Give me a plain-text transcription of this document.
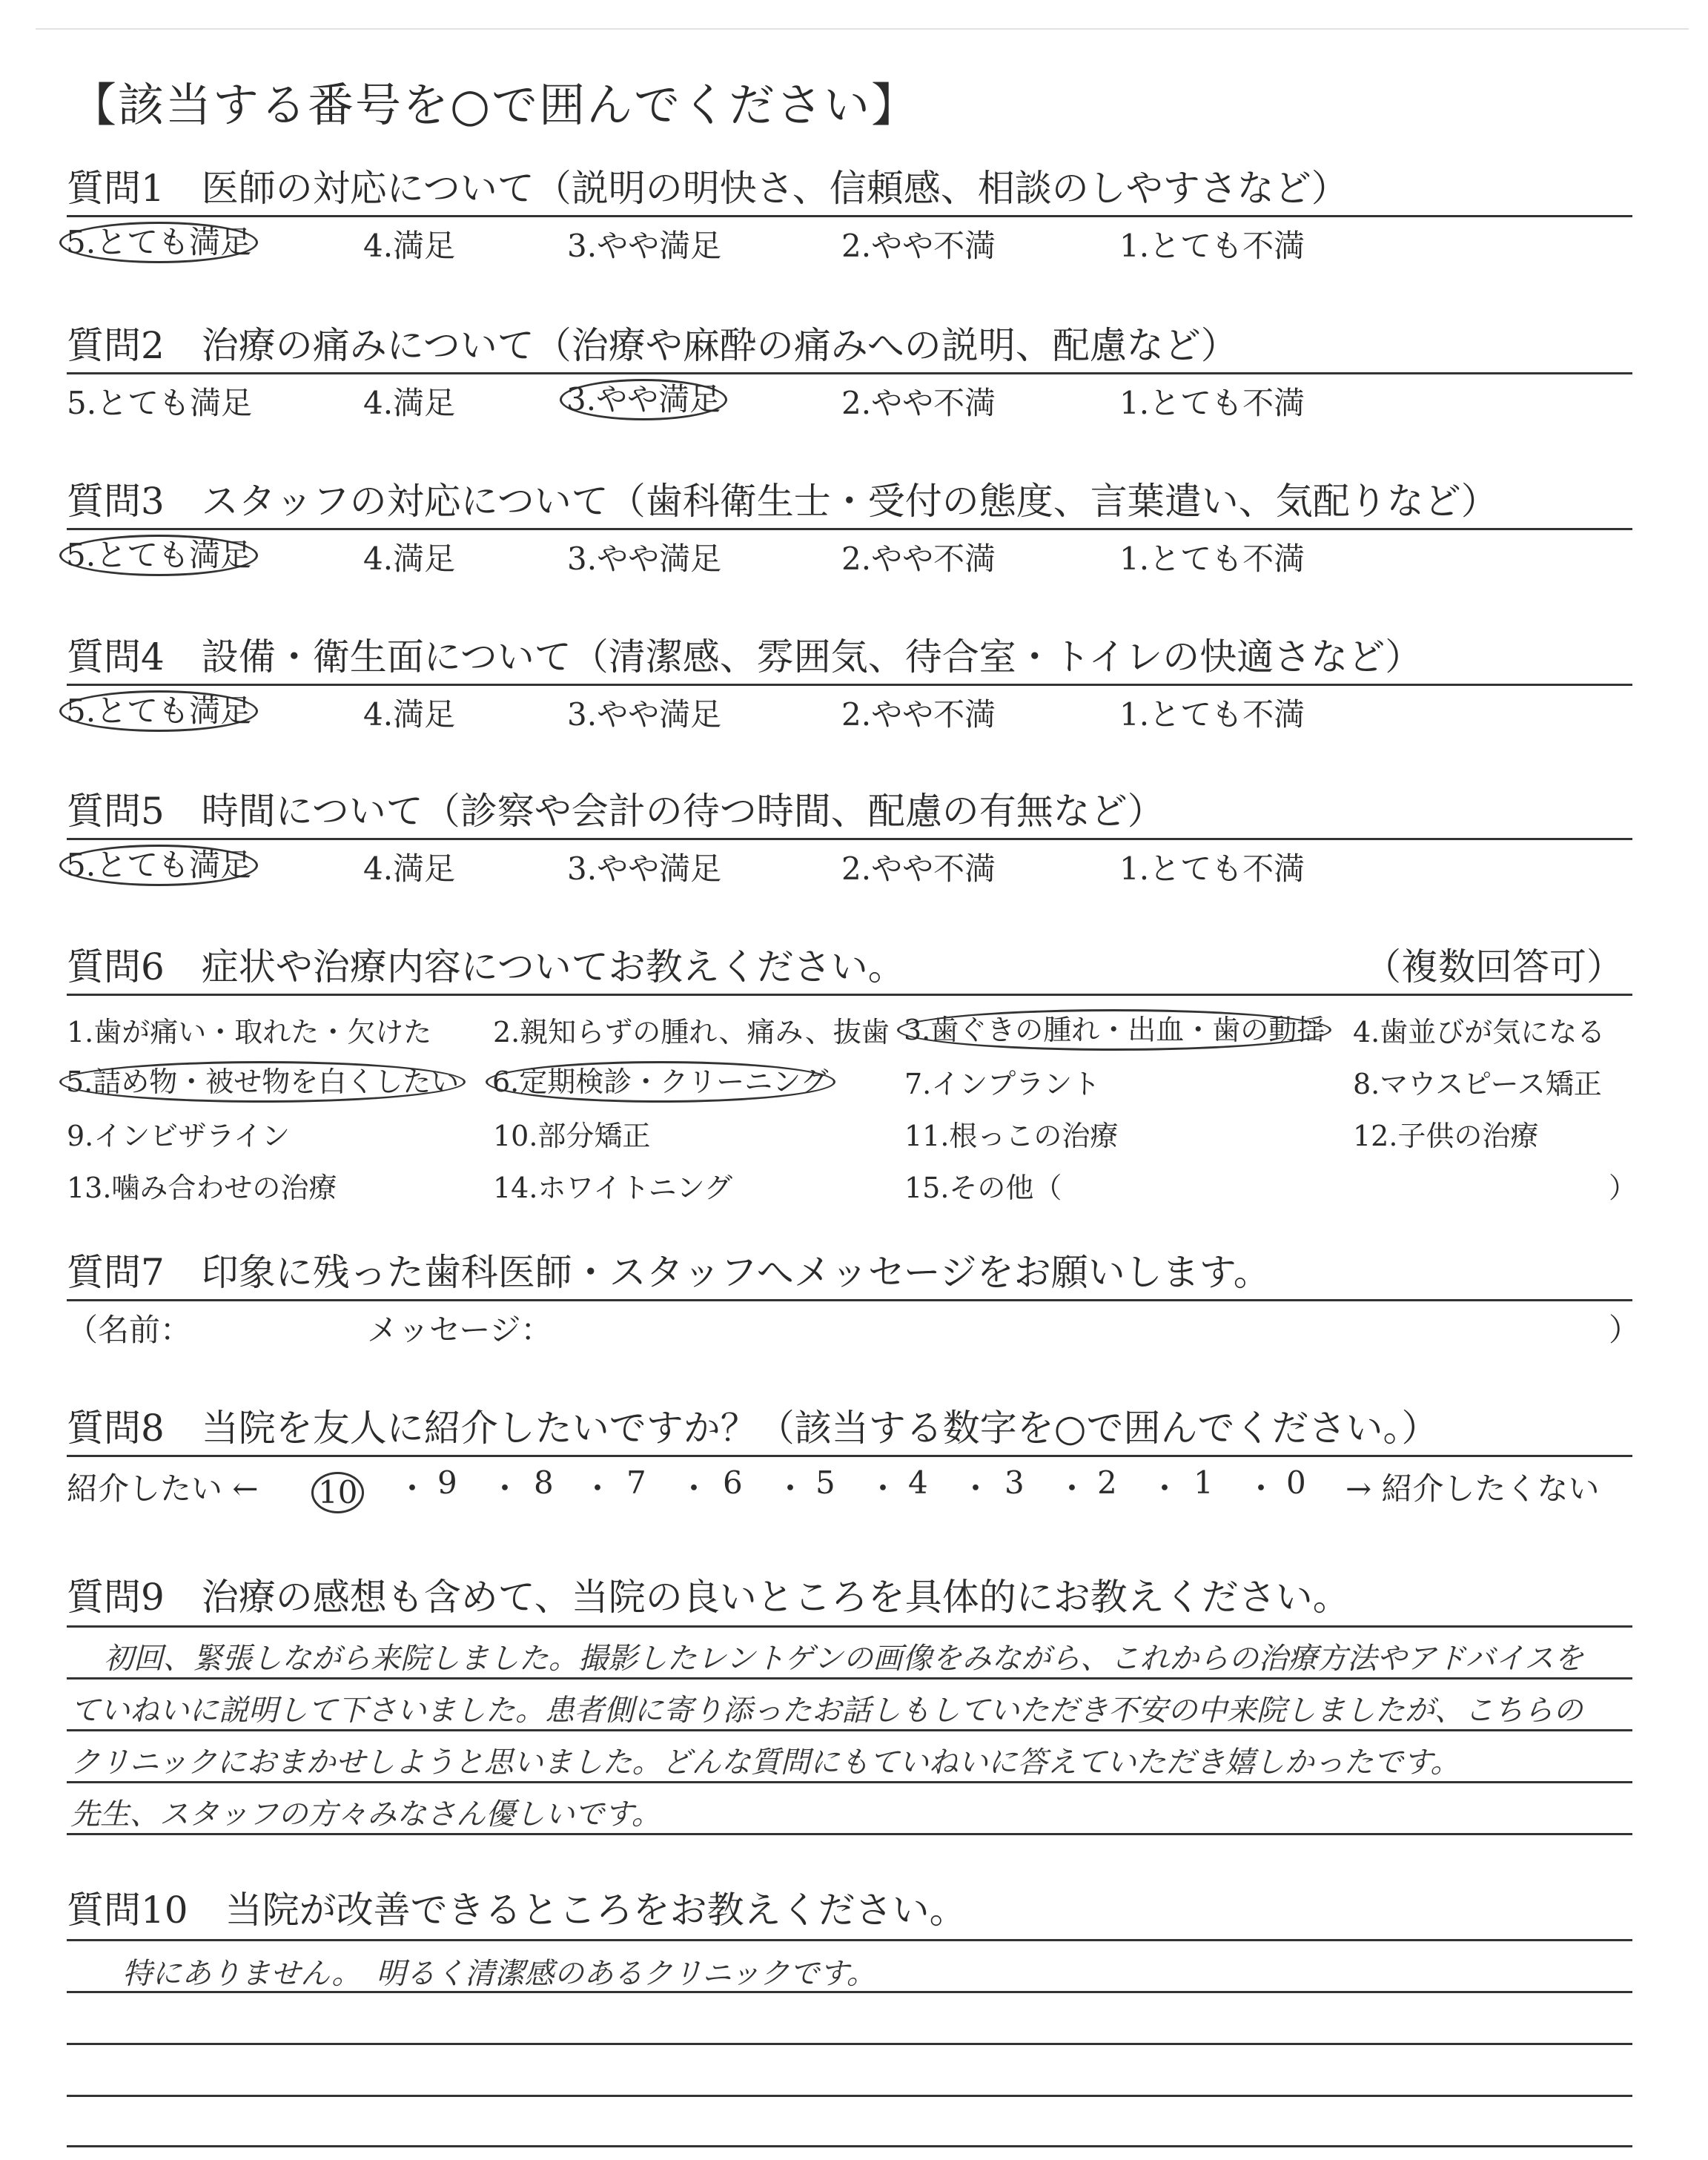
【該当する番号を○で囲んでください】
質問1　医師の対応について（説明の明快さ、信頼感、相談のしやすさなど）
5.とても満足	4.満足	3.やや満足	2.やや不満	1.とても不満
質問2　治療の痛みについて（治療や麻酔の痛みへの説明、配慮など）
5.とても満足	4.満足	3.やや満足	2.やや不満	1.とても不満
質問3　スタッフの対応について（歯科衛生士・受付の態度、言葉遣い、気配りなど）
5.とても満足	4.満足	3.やや満足	2.やや不満	1.とても不満
質問4　設備・衛生面について（清潔感、雰囲気、待合室・トイレの快適さなど）
5.とても満足	4.満足	3.やや満足	2.やや不満	1.とても不満
質問5　時間について（診察や会計の待つ時間、配慮の有無など）
5.とても満足	4.満足	3.やや満足	2.やや不満	1.とても不満
質問6　症状や治療内容についてお教えください。	（複数回答可）
1.歯が痛い・取れた・欠けた 2.親知らずの腫れ、痛み、抜歯 3.歯ぐきの腫れ・出血・歯の動揺 4.歯並びが気になる
5.詰め物・被せ物を白くしたい 6.定期検診・クリーニング	7.インプラント	8.マウスピース矯正
9.インビザライン	10.部分矯正	11.根っこの治療	12.子供の治療
13.噛み合わせの治療	14.ホワイトニング	15.その他（	）
質問7　印象に残った歯科医師・スタッフへメッセージをお願いします。
（名前：	メッセージ：	）
質問8　当院を友人に紹介したいですか？（該当する数字を○で囲んでください。）
紹介したい ← 10 ・ 9 ・ 8 ・ 7 ・ 6 ・ 5 ・ 4 ・ 3 ・ 2 ・ 1 ・ 0 → 紹介したくない
質問9　治療の感想も含めて、当院の良いところを具体的にお教えください。
初回、緊張しながら来院しました。撮影したレントゲンの画像をみながら、これからの治療方法やアドバイスを
ていねいに説明して下さいました。患者側に寄り添ったお話しもしていただき不安の中来院しましたが、こちらの
クリニックにおまかせしようと思いました。どんな質問にもていねいに答えていただき嬉しかったです。
先生、スタッフの方々みなさん優しいです。
質問10　当院が改善できるところをお教えください。
特にありません。　明るく清潔感のあるクリニックです。
